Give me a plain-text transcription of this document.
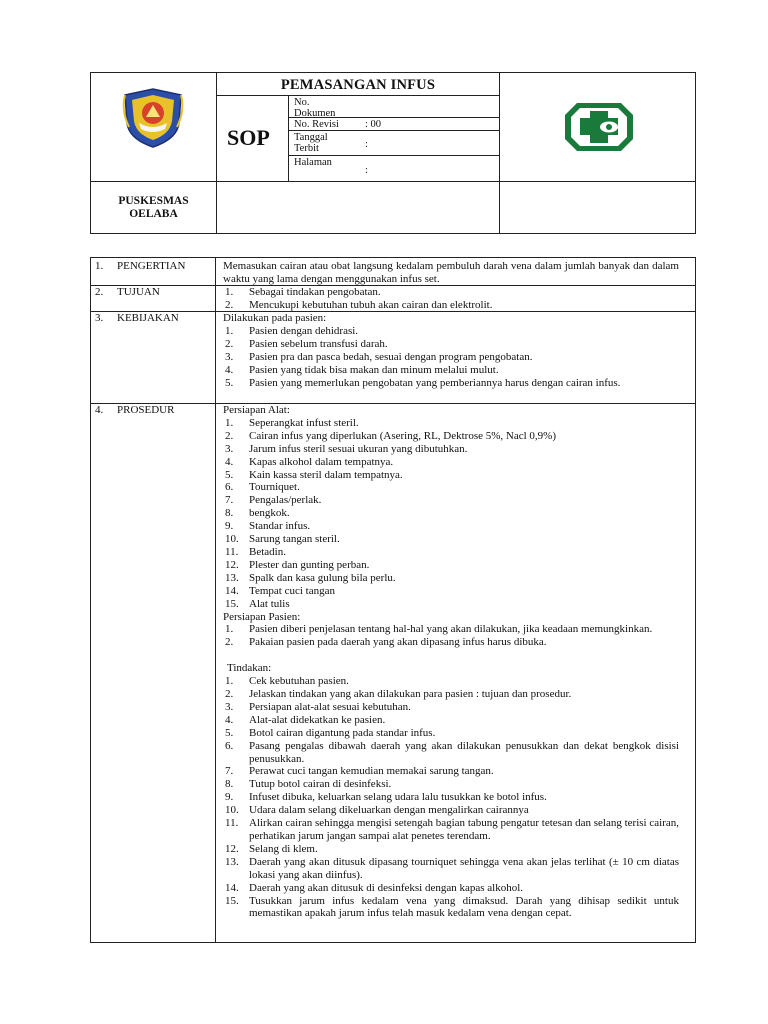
PEMASANGAN INFUS
SOP
No.
Dokumen
No. Revisi : 00
Tanggal
Terbit	:
Halaman
:
PUSKESMAS
OELABA
1. PENGERTIAN	Memasukan cairan atau obat langsung kedalam pembuluh darah vena dalam jumlah banyak dan dalam waktu yang lama dengan menggunakan infus set.
2. TUJUAN	1. Sebagai tindakan pengobatan.
2. Mencukupi kebutuhan tubuh akan cairan dan elektrolit.
3. KEBIJAKAN	Dilakukan pada pasien:
1. Pasien dengan dehidrasi.
2. Pasien sebelum transfusi darah.
3. Pasien pra dan pasca bedah, sesuai dengan program pengobatan.
4. Pasien yang tidak bisa makan dan minum melalui mulut.
5. Pasien yang memerlukan pengobatan yang pemberiannya harus dengan cairan infus.
4. PROSEDUR	Persiapan Alat:
1. Seperangkat infust steril.
2. Cairan infus yang diperlukan (Asering, RL, Dektrose 5%, Nacl 0,9%)
3. Jarum infus steril sesuai ukuran yang dibutuhkan.
4. Kapas alkohol dalam tempatnya.
5. Kain kassa steril dalam tempatnya.
6. Tourniquet.
7. Pengalas/perlak.
8. bengkok.
9. Standar infus.
10. Sarung tangan steril.
11. Betadin.
12. Plester dan gunting perban.
13. Spalk dan kasa gulung bila perlu.
14. Tempat cuci tangan
15. Alat tulis
Persiapan Pasien:
1. Pasien diberi penjelasan tentang hal-hal yang akan dilakukan, jika keadaan memungkinkan.
2. Pakaian pasien pada daerah yang akan dipasang infus harus dibuka.
Tindakan:
1. Cek kebutuhan pasien.
2. Jelaskan tindakan yang akan dilakukan para pasien : tujuan dan prosedur.
3. Persiapan alat-alat sesuai kebutuhan.
4. Alat-alat didekatkan ke pasien.
5. Botol cairan digantung pada standar infus.
6. Pasang pengalas dibawah daerah yang akan dilakukan penusukkan dan dekat bengkok disisi penusukkan.
7. Perawat cuci tangan kemudian memakai sarung tangan.
8. Tutup botol cairan di desinfeksi.
9. Infuset dibuka, keluarkan selang udara lalu tusukkan ke botol infus.
10. Udara dalam selang dikeluarkan dengan mengalirkan cairannya
11. Alirkan cairan sehingga mengisi setengah bagian tabung pengatur tetesan dan selang terisi cairan, perhatikan jarum jangan sampai alat penetes terendam.
12. Selang di klem.
13. Daerah yang akan ditusuk dipasang tourniquet sehingga vena akan jelas terlihat (± 10 cm diatas lokasi yang akan diinfus).
14. Daerah yang akan ditusuk di desinfeksi dengan kapas alkohol.
15. Tusukkan jarum infus kedalam vena yang dimaksud. Darah yang dihisap sedikit untuk memastikan apakah jarum infus telah masuk kedalam vena dengan cepat.
